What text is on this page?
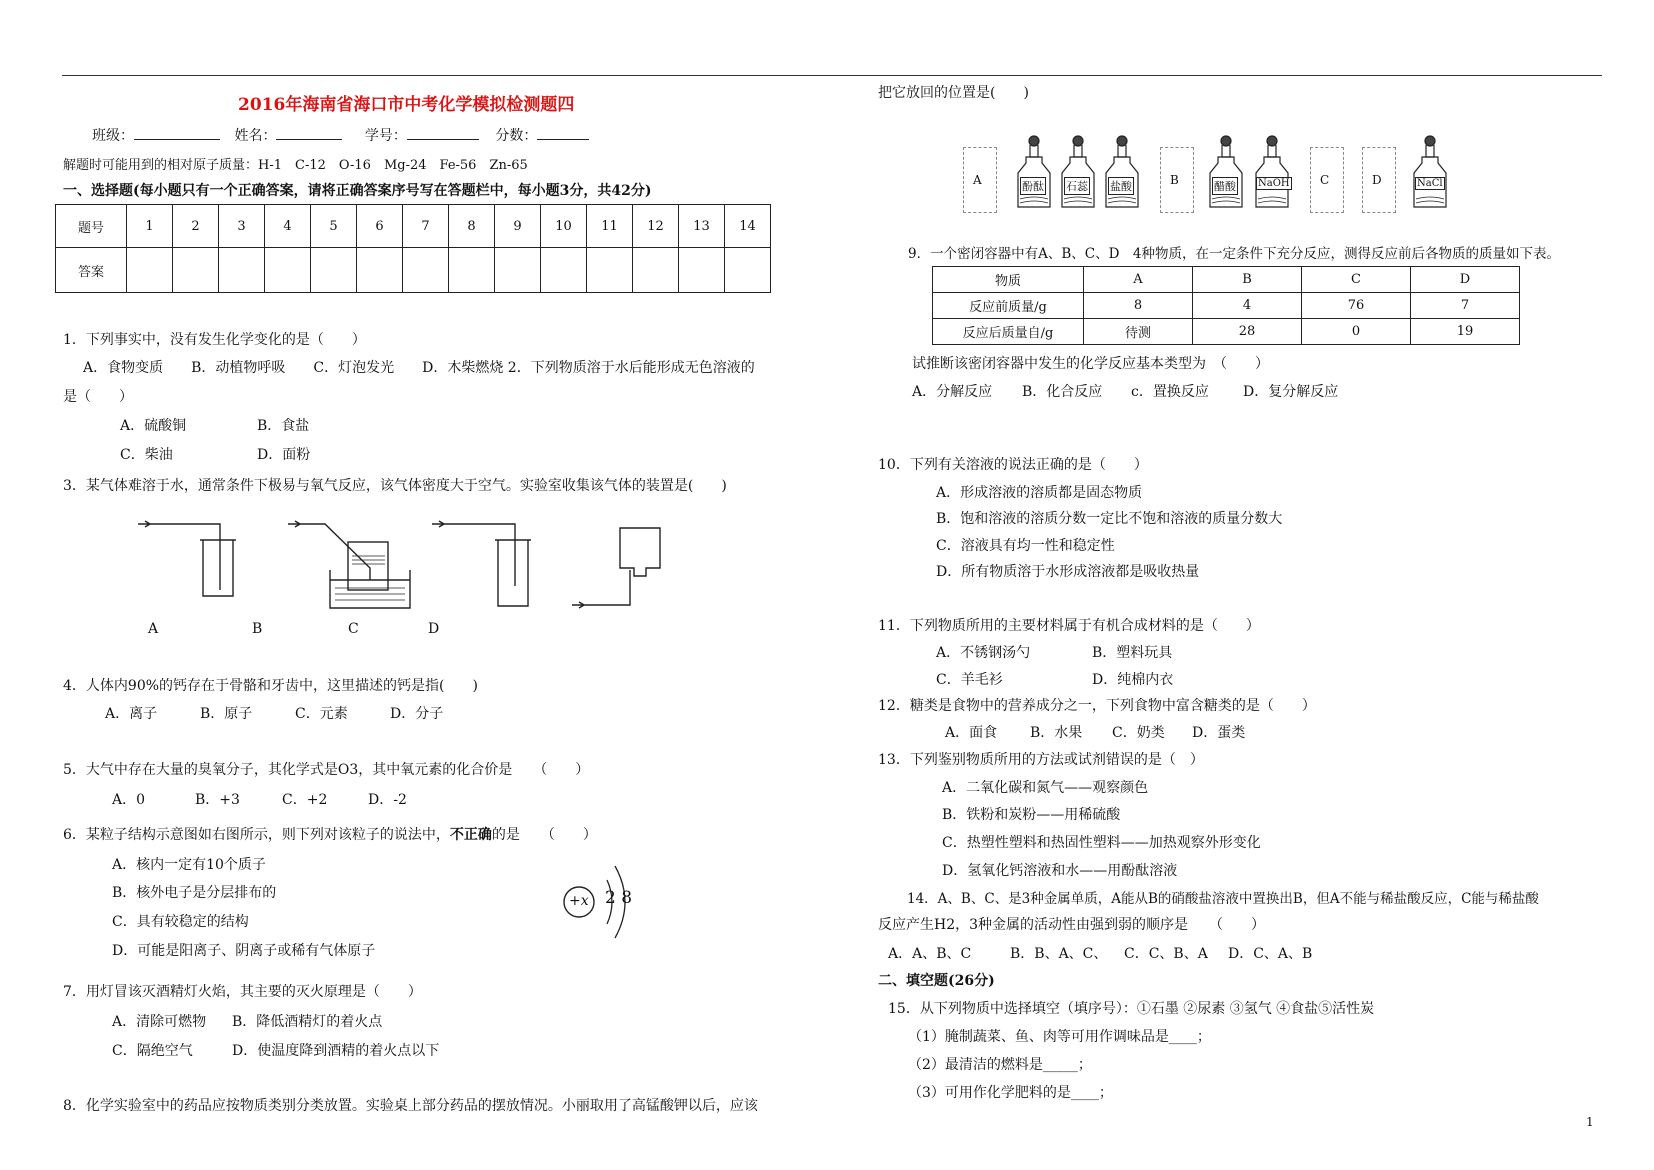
2016年海南省海口市中考化学模拟检测题四
班级：	姓名：	学号：	分数：
解题时可能用到的相对原子质量：H-1　C-12　O-16　Mg-24　Fe-56　Zn-65
一、选择题(每小题只有一个正确答案，请将正确答案序号写在答题栏中，每小题3分，共42分)
题号	1	2	3	4	5	6	7	8	9	10	11	12	13	14
答案														
1．下列事实中，没有发生化学变化的是（　　）
A．食物变质　　B．动植物呼吸　　C．灯泡发光　　D．木柴燃烧 2．下列物质溶于水后能形成无色溶液的
是（　　）
A．硫酸铜	B．食盐
C．柴油	D．面粉
3．某气体难溶于水，通常条件下极易与氧气反应，该气体密度大于空气。实验室收集该气体的装置是(　　)
A	B	C	D
4．人体内90%的钙存在于骨骼和牙齿中，这里描述的钙是指(　　)
A．离子	B．原子	C．元素	D．分子
5．大气中存在大量的臭氧分子，其化学式是O3，其中氧元素的化合价是　　（　　）
A．0	B．+3	C．+2	D．-2
6．某粒子结构示意图如右图所示，则下列对该粒子的说法中，不正确的是　　（　　）
A．核内一定有10个质子
B．核外电子是分层排布的
C．具有较稳定的结构
D．可能是阳离子、阴离子或稀有气体原子
+x 2 8
7．用灯冒该灭酒精灯火焰，其主要的灭火原理是（　　）
A．清除可燃物 B．降低酒精灯的着火点
C．隔绝空气	D．使温度降到酒精的着火点以下
8．化学实验室中的药品应按物质类别分类放置。实验桌上部分药品的摆放情况。小丽取用了高锰酸钾以后，应该
把它放回的位置是(　　)
A	酚酞 石蕊 盐酸	B	醋酸 NaOH	C	D	NaCl
9．一个密闭容器中有A、B、C、D　4种物质，在一定条件下充分反应，测得反应前后各物质的质量如下表。
物质	A	B	C	D
反应前质量/g	8	4	76	7
反应后质量自/g	待测	28	0	19
试推断该密闭容器中发生的化学反应基本类型为　（　　）
A．分解反应 B．化合反应 c．置换反应 D．复分解反应
10．下列有关溶液的说法正确的是（　　）
A．形成溶液的溶质都是固态物质
B．饱和溶液的溶质分数一定比不饱和溶液的质量分数大
C．溶液具有均一性和稳定性
D．所有物质溶于水形成溶液都是吸收热量
11．下列物质所用的主要材料属于有机合成材料的是（　　）
A．不锈钢汤勺	B．塑料玩具
C．羊毛衫	D．纯棉内衣
12．糖类是食物中的营养成分之一，下列食物中富含糖类的是（　　）
A．面食 B．水果 C．奶类 D．蛋类
13．下列鉴别物质所用的方法或试剂错误的是（　）
A．二氧化碳和氮气——观察颜色
B．铁粉和炭粉——用稀硫酸
C．热塑性塑料和热固性塑料——加热观察外形变化
D．氢氧化钙溶液和水——用酚酞溶液
14．A、B、C、是3种金属单质，A能从B的硝酸盐溶液中置换出B，但A不能与稀盐酸反应，C能与稀盐酸
反应产生H2，3种金属的活动性由强到弱的顺序是　　（　　）
A．A、B、C	B．B、A、C、 C．C、B、A D．C、A、B
二、填空题(26分)
15．从下列物质中选择填空（填序号）：①石墨 ②尿素 ③氢气 ④食盐⑤活性炭
（1）腌制蔬菜、鱼、肉等可用作调味品是____；
（2）最清洁的燃料是_____；
（3）可用作化学肥料的是____；
1
